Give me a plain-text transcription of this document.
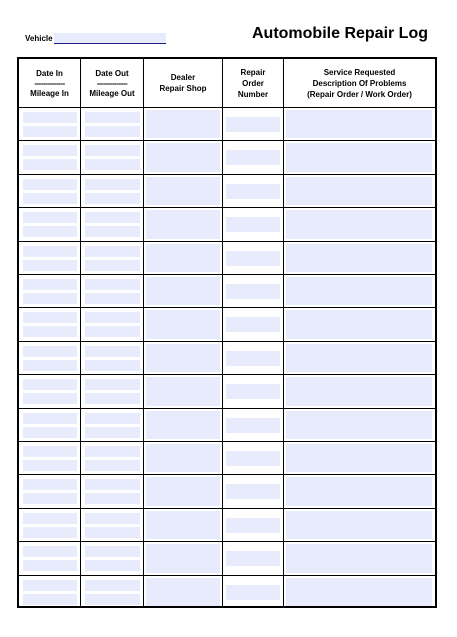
Vehicle	Automobile Repair Log
Date In
--------------
Mileage In
Date Out
--------------
Mileage Out
Dealer
Repair Shop
Repair
Order
Number
Service Requested
Description Of Problems
(Repair Order / Work Order)
